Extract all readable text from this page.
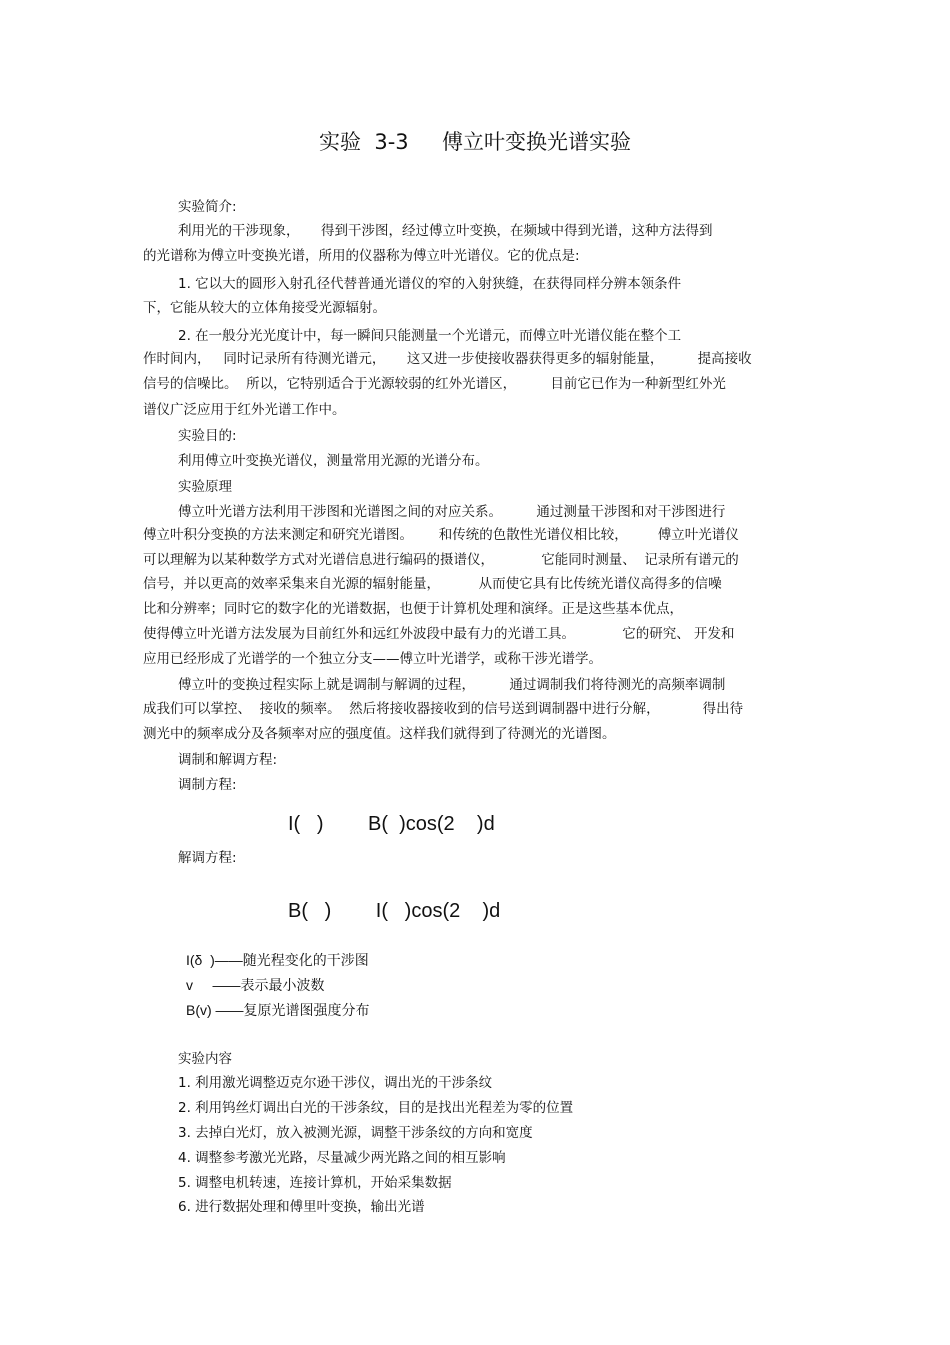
实验  3-3     傅立叶变换光谱实验
实验简介:
利用光的干涉现象，     得到干涉图，经过傅立叶变换，在频域中得到光谱，这种方法得到
的光谱称为傅立叶变换光谱，所用的仪器称为傅立叶光谱仪。它的优点是:
1. 它以大的圆形入射孔径代替普通光谱仪的窄的入射狭缝，在获得同样分辨本领条件
下，它能从较大的立体角接受光源辐射。
2. 在一般分光光度计中，每一瞬间只能测量一个光谱元，而傅立叶光谱仪能在整个工
作时间内，   同时记录所有待测光谱元，     这又进一步使接收器获得更多的辐射能量，        提高接收
信号的信噪比。  所以，它特别适合于光源较弱的红外光谱区，        目前它已作为一种新型红外光
谱仪广泛应用于红外光谱工作中。
实验目的:
利用傅立叶变换光谱仪，测量常用光源的光谱分布。
实验原理
傅立叶光谱方法利用干涉图和光谱图之间的对应关系。        通过测量干涉图和对干涉图进行
傅立叶积分变换的方法来测定和研究光谱图。      和传统的色散性光谱仪相比较，       傅立叶光谱仪
可以理解为以某种数学方式对光谱信息进行编码的摄谱仪，           它能同时测量、  记录所有谱元的
信号，并以更高的效率采集来自光源的辐射能量，         从而使它具有比传统光谱仪高得多的信噪
比和分辨率；同时它的数字化的光谱数据，也便于计算机处理和演绎。正是这些基本优点，
使得傅立叶光谱方法发展为目前红外和远红外波段中最有力的光谱工具。           它的研究、 开发和
应用已经形成了光谱学的一个独立分支——傅立叶光谱学，或称干涉光谱学。
傅立叶的变换过程实际上就是调制与解调的过程，        通过调制我们将待测光的高频率调制
成我们可以掌控、  接收的频率。  然后将接收器接收到的信号送到调制器中进行分解，          得出待
测光中的频率成分及各频率对应的强度值。这样我们就得到了待测光的光谱图。
调制和解调方程:
调制方程:
I(   )        B(  )cos(2    )d
解调方程:
B(   )        I(   )cos(2    )d
I(δ  )——随光程变化的干涉图
v     ——表示最小波数
B(v) ——复原光谱图强度分布
实验内容
1. 利用激光调整迈克尔逊干涉仪，调出光的干涉条纹
2. 利用钨丝灯调出白光的干涉条纹，目的是找出光程差为零的位置
3. 去掉白光灯，放入被测光源，调整干涉条纹的方向和宽度
4. 调整参考激光光路，尽量减少两光路之间的相互影响
5. 调整电机转速，连接计算机，开始采集数据
6. 进行数据处理和傅里叶变换，输出光谱
